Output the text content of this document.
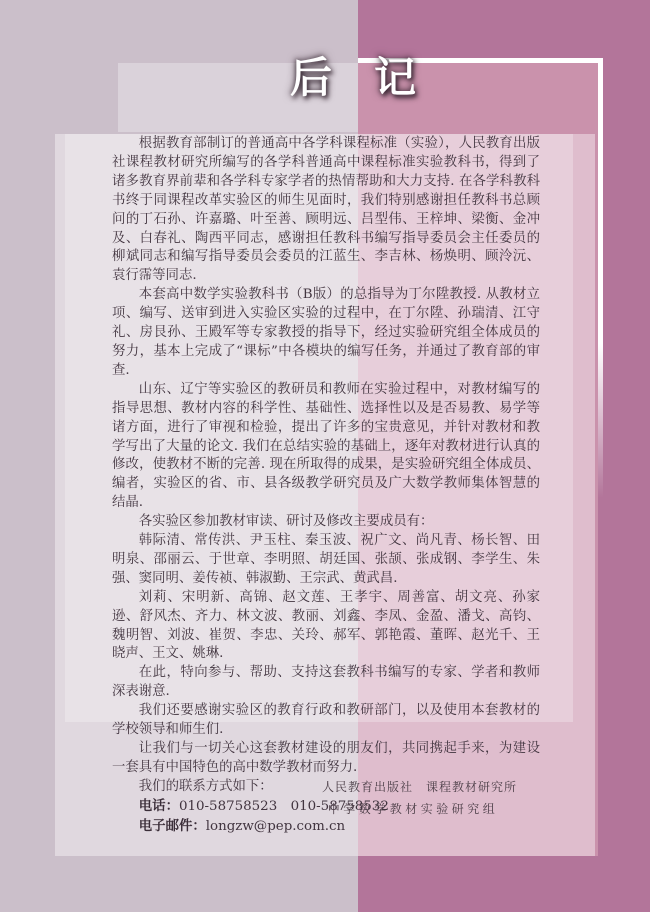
后 记

根据教育部制订的普通高中各学科课程标准（实验），人民教育出版社课程教材研究所编写的各学科普通高中课程标准实验教科书，得到了诸多教育界前辈和各学科专家学者的热情帮助和大力支持. 在各学科教科书终于同课程改革实验区的师生见面时，我们特别感谢担任教科书总顾问的丁石孙、许嘉璐、叶至善、顾明远、吕型伟、王梓坤、梁衡、金冲及、白春礼、陶西平同志，感谢担任教科书编写指导委员会主任委员的柳斌同志和编写指导委员会委员的江蓝生、李吉林、杨焕明、顾泠沅、袁行霈等同志.

本套高中数学实验教科书（B版）的总指导为丁尔陞教授. 从教材立项、编写、送审到进入实验区实验的过程中，在丁尔陞、孙瑞清、江守礼、房艮孙、王殿军等专家教授的指导下，经过实验研究组全体成员的努力，基本上完成了“课标”中各模块的编写任务，并通过了教育部的审查.

山东、辽宁等实验区的教研员和教师在实验过程中，对教材编写的指导思想、教材内容的科学性、基础性、选择性以及是否易教、易学等诸方面，进行了审视和检验，提出了许多的宝贵意见，并针对教材和教学写出了大量的论文. 我们在总结实验的基础上，逐年对教材进行认真的修改，使教材不断的完善. 现在所取得的成果，是实验研究组全体成员、编者，实验区的省、市、县各级教学研究员及广大数学教师集体智慧的结晶.

各实验区参加教材审读、研讨及修改主要成员有：

韩际清、常传洪、尹玉柱、秦玉波、祝广文、尚凡青、杨长智、田明泉、邵丽云、于世章、李明照、胡廷国、张颉、张成钢、李学生、朱强、窦同明、姜传祯、韩淑勤、王宗武、黄武昌.

刘莉、宋明新、高锦、赵文莲、王孝宇、周善富、胡文亮、孙家逊、舒风杰、齐力、林文波、教丽、刘鑫、李凤、金盈、潘戈、高钧、魏明智、刘波、崔贺、李忠、关玲、郝军、郭艳霞、董晖、赵光千、王晓声、王文、姚琳.

在此，特向参与、帮助、支持这套教科书编写的专家、学者和教师深表谢意.

我们还要感谢实验区的教育行政和教研部门，以及使用本套教材的学校领导和师生们.

让我们与一切关心这套教材建设的朋友们，共同携起手来，为建设一套具有中国特色的高中数学教材而努力.

我们的联系方式如下：

电话：010-58758523　010-58758532

电子邮件：longzw@pep.com.cn

人民教育出版社　课程教材研究所
中学数学教材实验研究组
